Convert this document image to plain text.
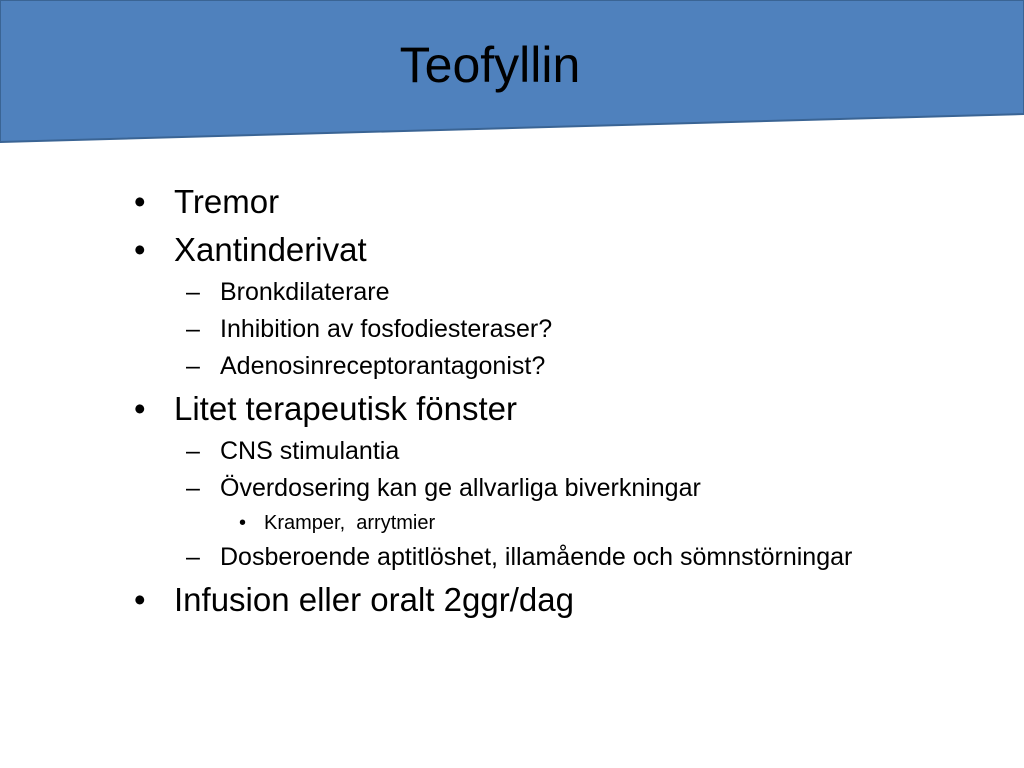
Teofyllin
• Tremor
• Xantinderivat
– Bronkdilaterare
– Inhibition av fosfodiesteraser?
– Adenosinreceptorantagonist?
• Litet terapeutisk fönster
– CNS stimulantia
– Överdosering kan ge allvarliga biverkningar
• Kramper,  arrytmier
– Dosberoende aptitlöshet, illamående och sömnstörningar
• Infusion eller oralt 2ggr/dag
